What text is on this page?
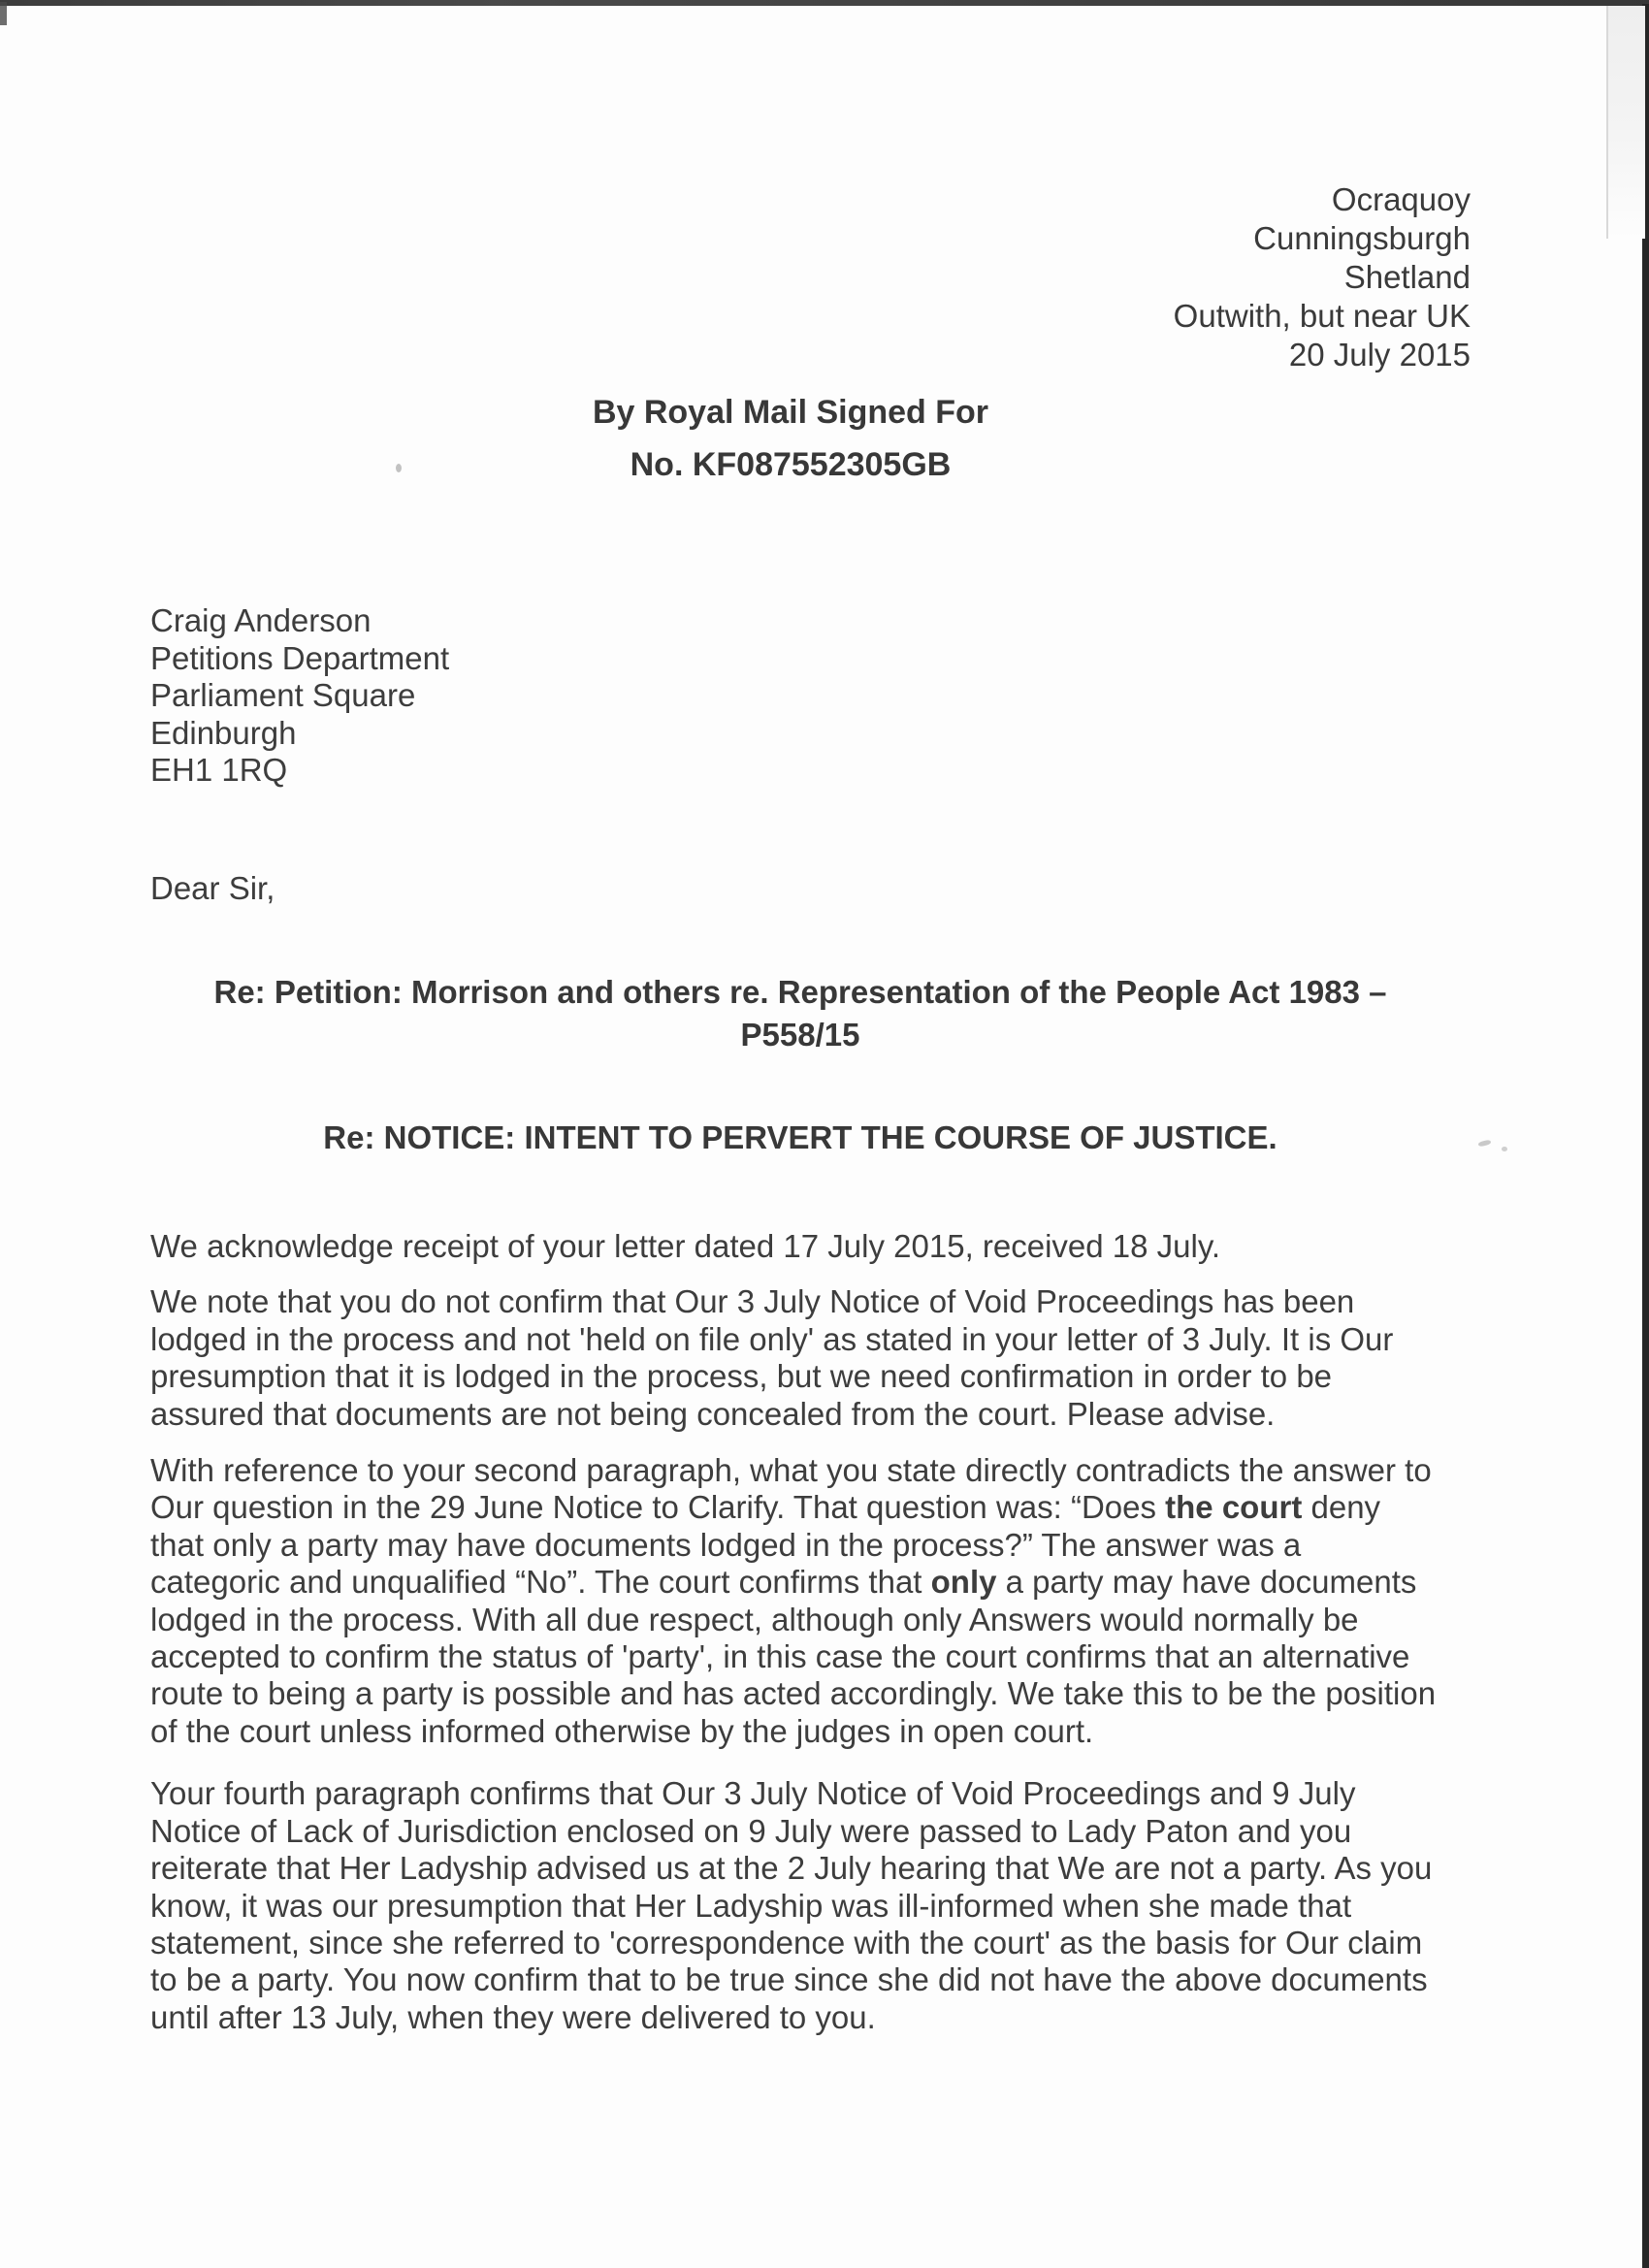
Ocraquoy
Cunningsburgh
Shetland
Outwith, but near UK
20 July 2015
By Royal Mail Signed For
No. KF087552305GB
Craig Anderson
Petitions Department
Parliament Square
Edinburgh
EH1 1RQ
Dear Sir,
Re: Petition: Morrison and others re. Representation of the People Act 1983 –
P558/15
Re: NOTICE: INTENT TO PERVERT THE COURSE OF JUSTICE.

We acknowledge receipt of your letter dated 17 July 2015, received 18 July.

We note that you do not confirm that Our 3 July Notice of Void Proceedings has been
lodged in the process and not 'held on file only' as stated in your letter of 3 July. It is Our
presumption that it is lodged in the process, but we need confirmation in order to be
assured that documents are not being concealed from the court. Please advise.

With reference to your second paragraph, what you state directly contradicts the answer to
Our question in the 29 June Notice to Clarify. That question was: “Does the court deny
that only a party may have documents lodged in the process?” The answer was a
categoric and unqualified “No”. The court confirms that only a party may have documents
lodged in the process. With all due respect, although only Answers would normally be
accepted to confirm the status of 'party', in this case the court confirms that an alternative
route to being a party is possible and has acted accordingly. We take this to be the position
of the court unless informed otherwise by the judges in open court.

Your fourth paragraph confirms that Our 3 July Notice of Void Proceedings and 9 July
Notice of Lack of Jurisdiction enclosed on 9 July were passed to Lady Paton and you
reiterate that Her Ladyship advised us at the 2 July hearing that We are not a party. As you
know, it was our presumption that Her Ladyship was ill-informed when she made that
statement, since she referred to 'correspondence with the court' as the basis for Our claim
to be a party. You now confirm that to be true since she did not have the above documents
until after 13 July, when they were delivered to you.
